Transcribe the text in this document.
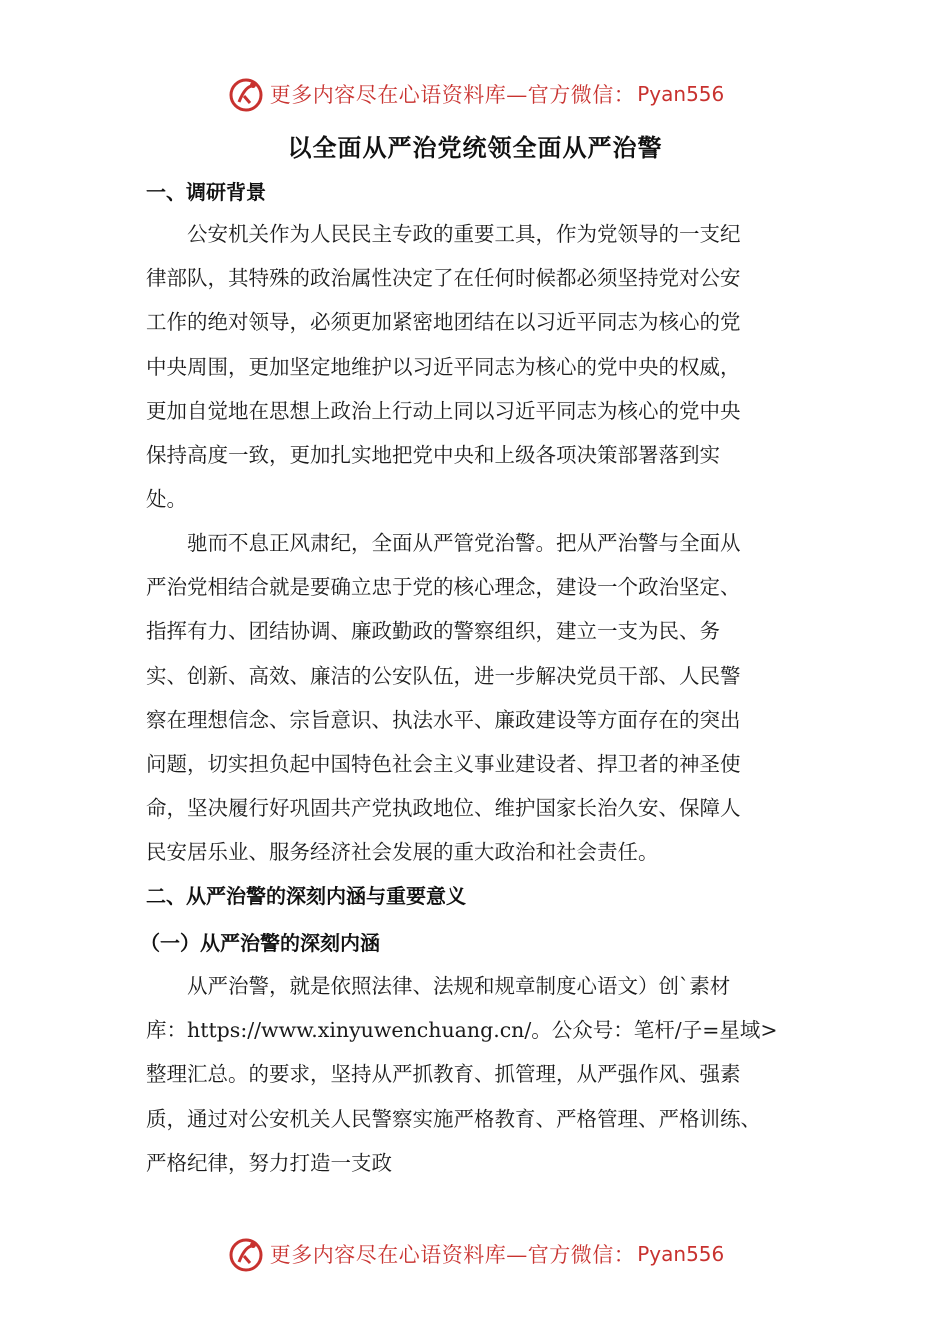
更多内容尽在心语资料库—官方微信： Pyan556
以全面从严治党统领全面从严治警
一、调研背景
　　公安机关作为人民民主专政的重要工具，作为党领导的一支纪
律部队，其特殊的政治属性决定了在任何时候都必须坚持党对公安
工作的绝对领导，必须更加紧密地团结在以习近平同志为核心的党
中央周围，更加坚定地维护以习近平同志为核心的党中央的权威，
更加自觉地在思想上政治上行动上同以习近平同志为核心的党中央
保持高度一致，更加扎实地把党中央和上级各项决策部署落到实
处。
　　驰而不息正风肃纪，全面从严管党治警。把从严治警与全面从
严治党相结合就是要确立忠于党的核心理念，建设一个政治坚定、
指挥有力、团结协调、廉政勤政的警察组织，建立一支为民、务
实、创新、高效、廉洁的公安队伍，进一步解决党员干部、人民警
察在理想信念、宗旨意识、执法水平、廉政建设等方面存在的突出
问题，切实担负起中国特色社会主义事业建设者、捍卫者的神圣使
命，坚决履行好巩固共产党执政地位、维护国家长治久安、保障人
民安居乐业、服务经济社会发展的重大政治和社会责任。
二、从严治警的深刻内涵与重要意义
（一）从严治警的深刻内涵
　　从严治警，就是依照法律、法规和规章制度心语文）创`素材
库：https://www.xinyuwenchuang.cn/。公众号：笔杆/子=星域>
整理汇总。的要求，坚持从严抓教育、抓管理，从严强作风、强素
质，通过对公安机关人民警察实施严格教育、严格管理、严格训练、
严格纪律，努力打造一支政
更多内容尽在心语资料库—官方微信： Pyan556
